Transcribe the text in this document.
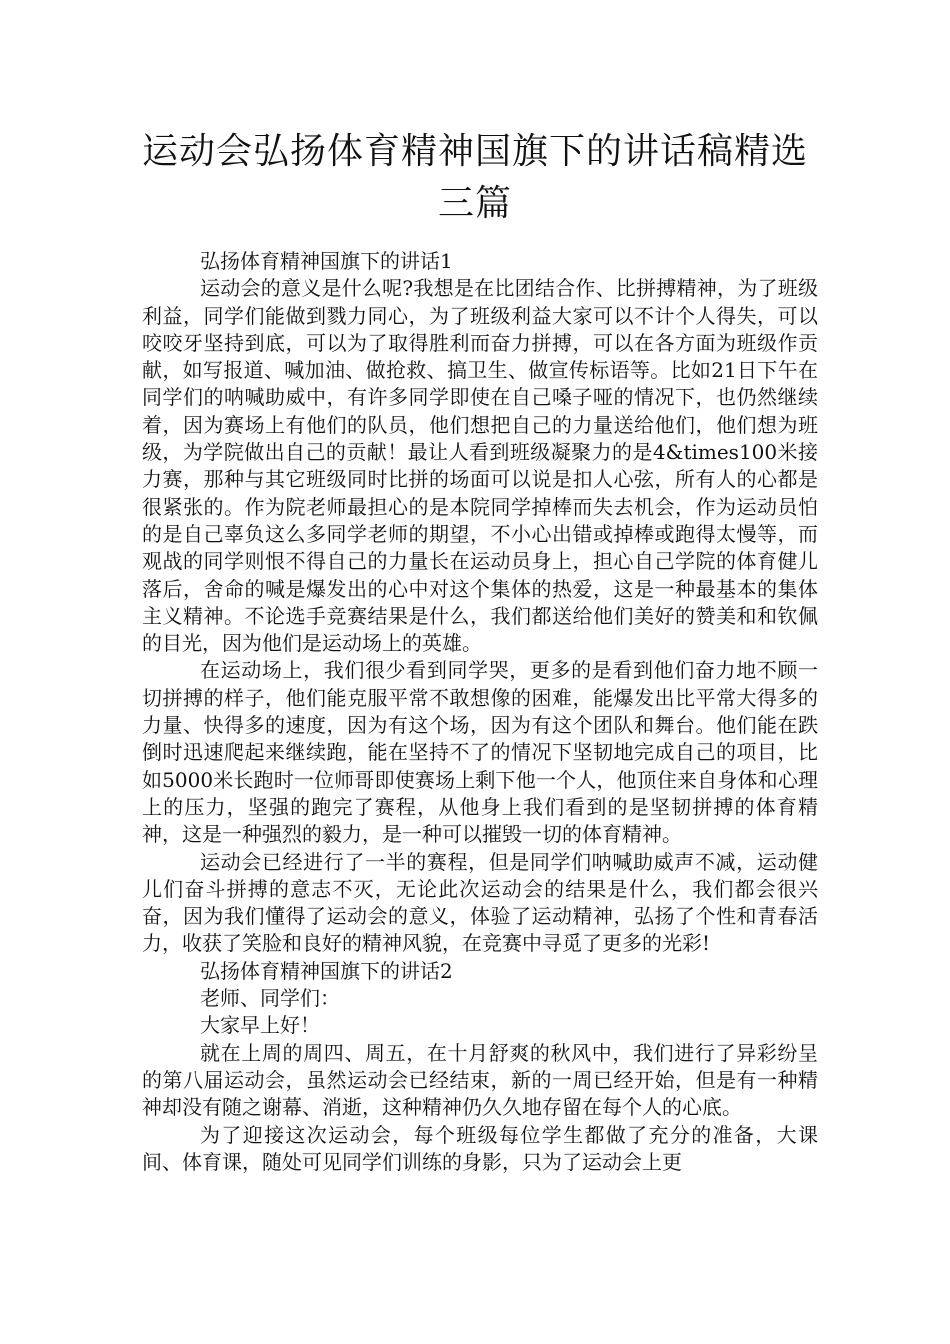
运动会弘扬体育精神国旗下的讲话稿精选三篇

弘扬体育精神国旗下的讲话1

运动会的意义是什么呢?我想是在比团结合作、比拼搏精神，为了班级利益，同学们能做到戮力同心，为了班级利益大家可以不计个人得失，可以咬咬牙坚持到底，可以为了取得胜利而奋力拼搏，可以在各方面为班级作贡献，如写报道、喊加油、做抢救、搞卫生、做宣传标语等。比如21日下午在同学们的呐喊助威中，有许多同学即使在自己嗓子哑的情况下，也仍然继续着，因为赛场上有他们的队员，他们想把自己的力量送给他们，他们想为班级，为学院做出自己的贡献！最让人看到班级凝聚力的是4&times100米接力赛，那种与其它班级同时比拼的场面可以说是扣人心弦，所有人的心都是很紧张的。作为院老师最担心的是本院同学掉棒而失去机会，作为运动员怕的是自己辜负这么多同学老师的期望，不小心出错或掉棒或跑得太慢等，而观战的同学则恨不得自己的力量长在运动员身上，担心自己学院的体育健儿落后，舍命的喊是爆发出的心中对这个集体的热爱，这是一种最基本的集体主义精神。不论选手竞赛结果是什么，我们都送给他们美好的赞美和和钦佩的目光，因为他们是运动场上的英雄。

在运动场上，我们很少看到同学哭，更多的是看到他们奋力地不顾一切拼搏的样子，他们能克服平常不敢想像的困难，能爆发出比平常大得多的力量、快得多的速度，因为有这个场，因为有这个团队和舞台。他们能在跌倒时迅速爬起来继续跑，能在坚持不了的情况下坚韧地完成自己的项目，比如5000米长跑时一位师哥即使赛场上剩下他一个人，他顶住来自身体和心理上的压力，坚强的跑完了赛程，从他身上我们看到的是坚韧拼搏的体育精神，这是一种强烈的毅力，是一种可以摧毁一切的体育精神。

运动会已经进行了一半的赛程，但是同学们呐喊助威声不减，运动健儿们奋斗拼搏的意志不灭，无论此次运动会的结果是什么，我们都会很兴奋，因为我们懂得了运动会的意义，体验了运动精神，弘扬了个性和青春活力，收获了笑脸和良好的精神风貌，在竞赛中寻觅了更多的光彩!

弘扬体育精神国旗下的讲话2

老师、同学们：

大家早上好！

就在上周的周四、周五，在十月舒爽的秋风中，我们进行了异彩纷呈的第八届运动会，虽然运动会已经结束，新的一周已经开始，但是有一种精神却没有随之谢幕、消逝，这种精神仍久久地存留在每个人的心底。

为了迎接这次运动会，每个班级每位学生都做了充分的准备，大课间、体育课，随处可见同学们训练的身影，只为了运动会上更
